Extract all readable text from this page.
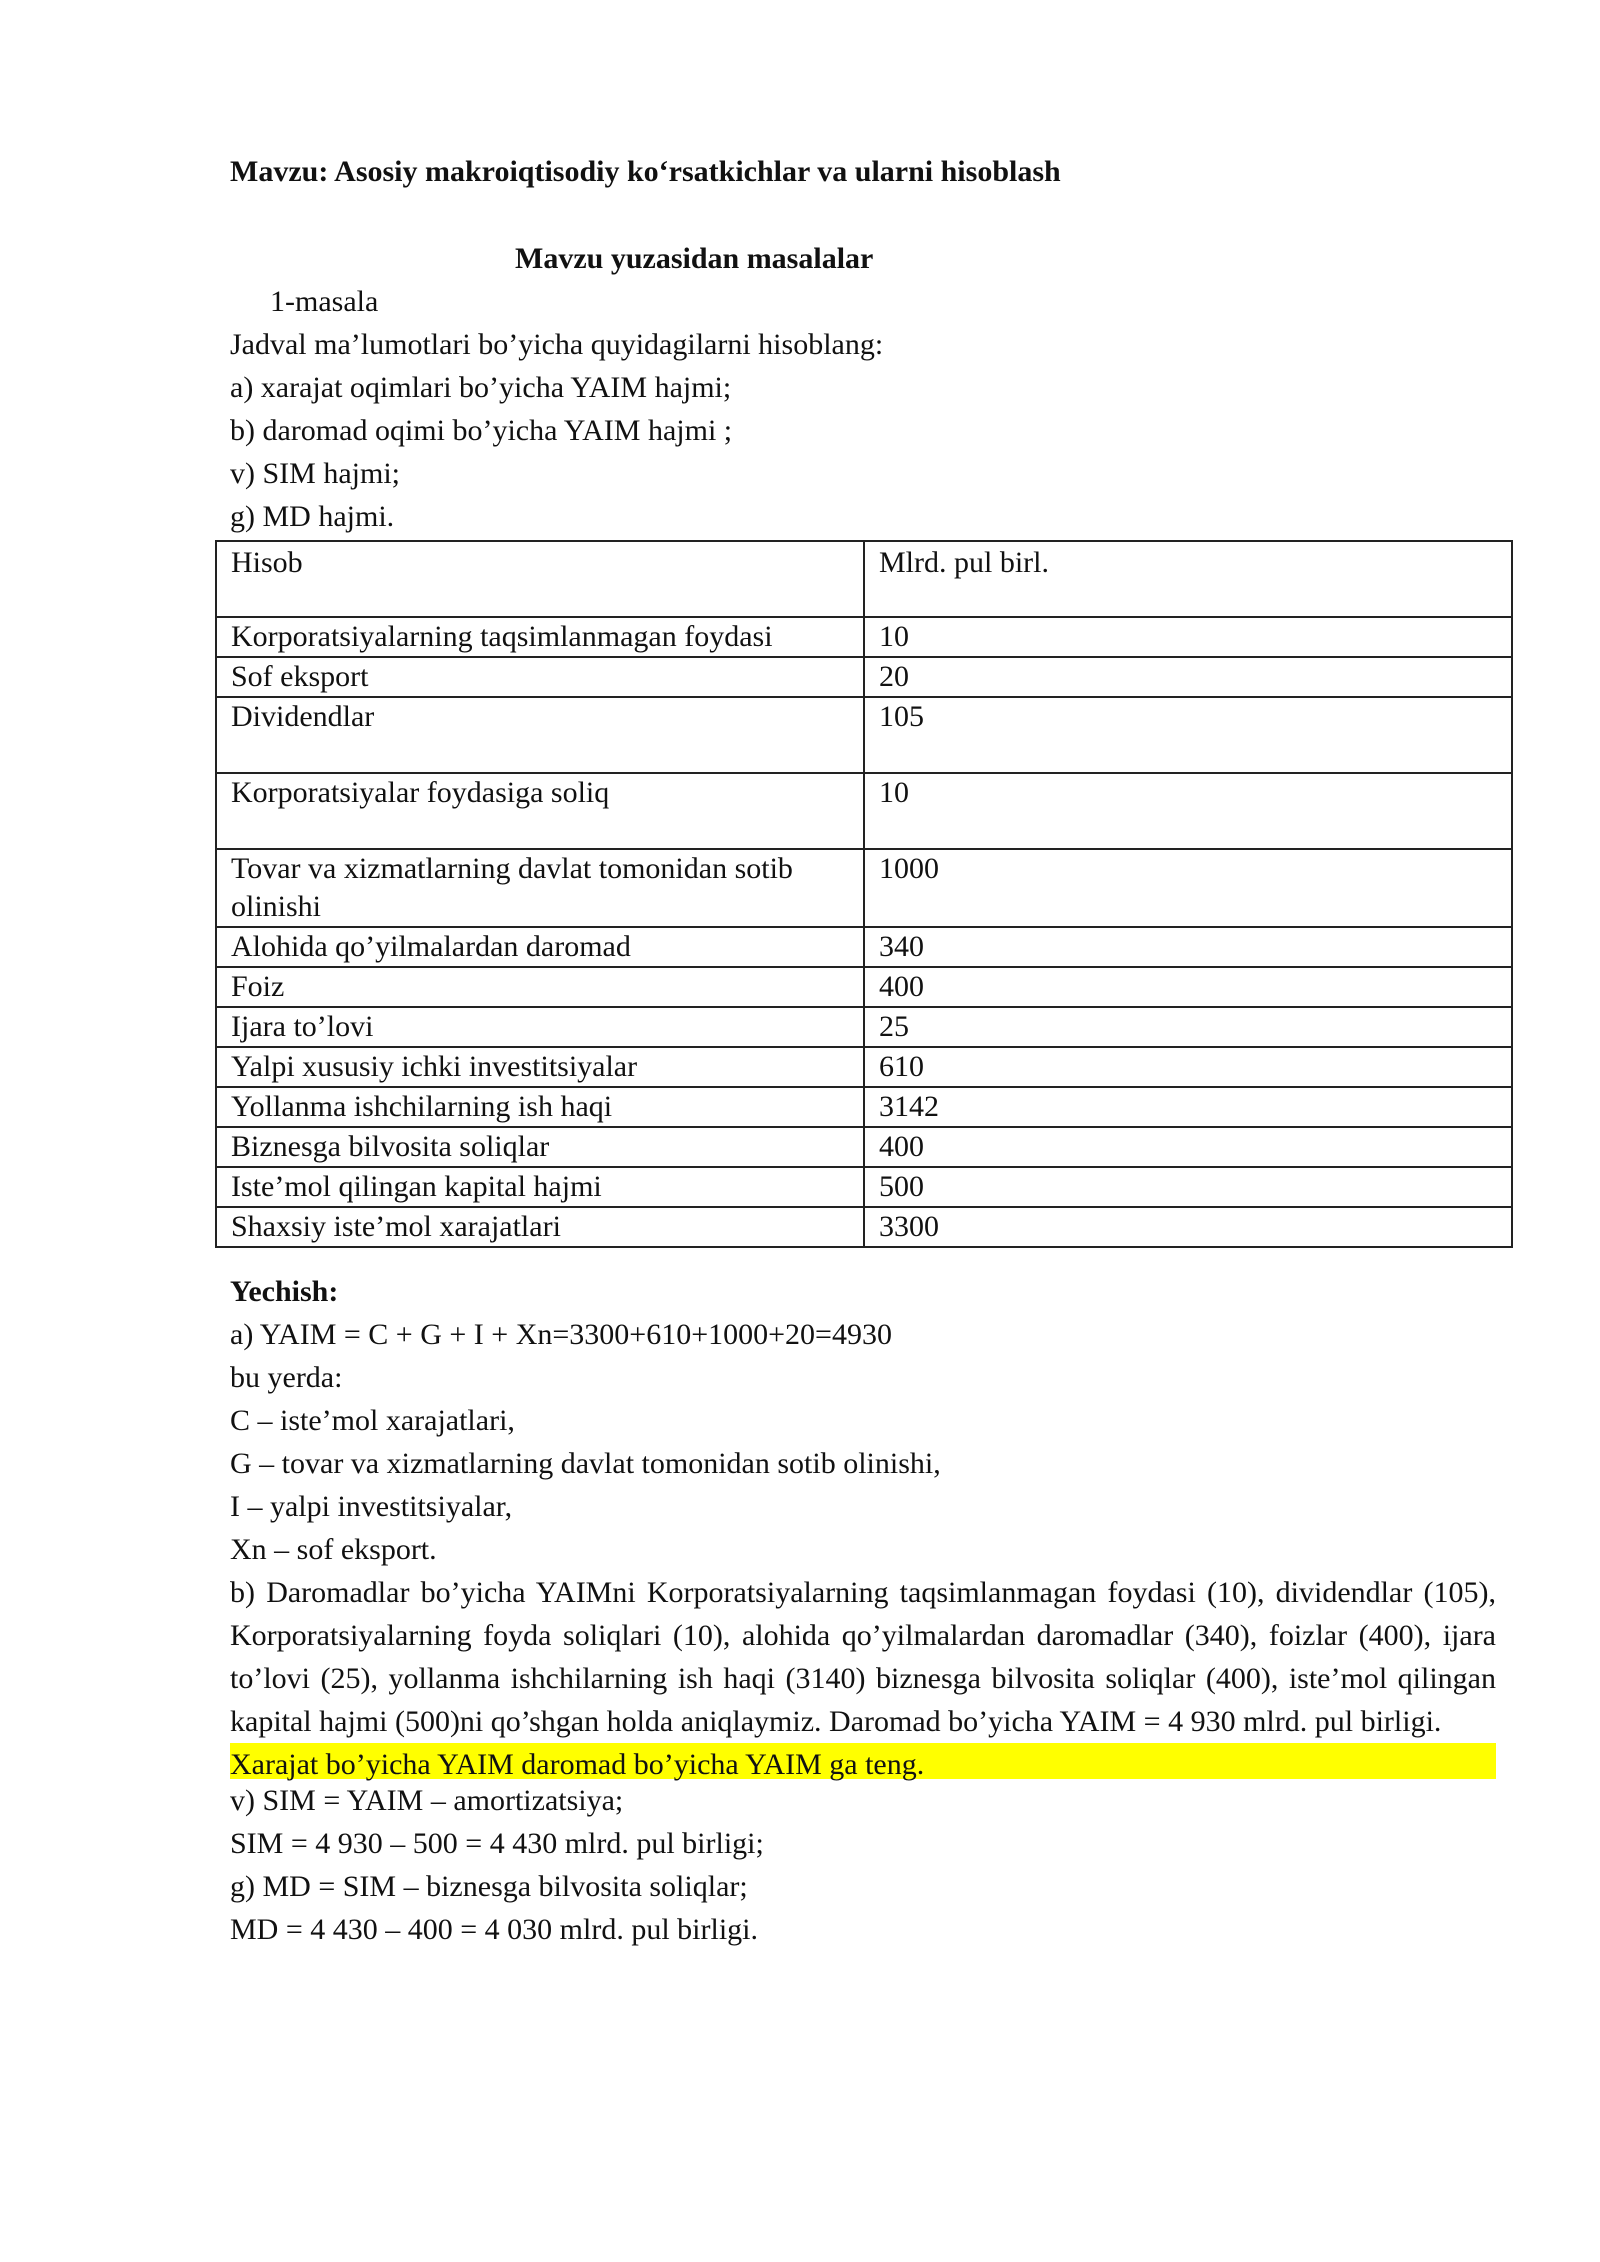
Mavzu: Asosiy makroiqtisodiy ko‘rsatkichlar va ularni hisoblash
Mavzu yuzasidan masalalar
1-masala
Jadval ma’lumotlari bo’yicha quyidagilarni hisoblang:
a) xarajat oqimlari bo’yicha YAIM hajmi;
b) daromad oqimi bo’yicha YAIM hajmi ;
v) SIM hajmi;
g) MD hajmi.
Hisob	Mlrd. pul birl.
Korporatsiyalarning taqsimlanmagan foydasi	10
Sof eksport	20
Dividendlar	105
Korporatsiyalar foydasiga soliq	10
Tovar va xizmatlarning davlat tomonidan sotib olinishi	1000
Alohida qo’yilmalardan daromad	340
Foiz	400
Ijara to’lovi	25
Yalpi xususiy ichki investitsiyalar	610
Yollanma ishchilarning ish haqi	3142
Biznesga bilvosita soliqlar	400
Iste’mol qilingan kapital hajmi	500
Shaxsiy iste’mol xarajatlari	3300
Yechish:
a) YAIM = C + G + I + Xn=3300+610+1000+20=4930
bu yerda:
C – iste’mol xarajatlari,
G – tovar va xizmatlarning davlat tomonidan sotib olinishi,
I – yalpi investitsiyalar,
Xn – sof eksport.
b) Daromadlar bo’yicha YAIMni Korporatsiyalarning taqsimlanmagan foydasi (10), dividendlar (105), Korporatsiyalarning foyda soliqlari (10), alohida qo’yilmalardan daromadlar (340), foizlar (400), ijara to’lovi (25), yollanma ishchilarning ish haqi (3140) biznesga bilvosita soliqlar (400), iste’mol qilingan kapital hajmi (500)ni qo’shgan holda aniqlaymiz. Daromad bo’yicha YAIM = 4 930 mlrd. pul birligi.
Xarajat bo’yicha YAIM daromad bo’yicha YAIM ga teng.
v) SIM = YAIM – amortizatsiya;
SIM = 4 930 – 500 = 4 430 mlrd. pul birligi;
g) MD = SIM – biznesga bilvosita soliqlar;
MD = 4 430 – 400 = 4 030 mlrd. pul birligi.
